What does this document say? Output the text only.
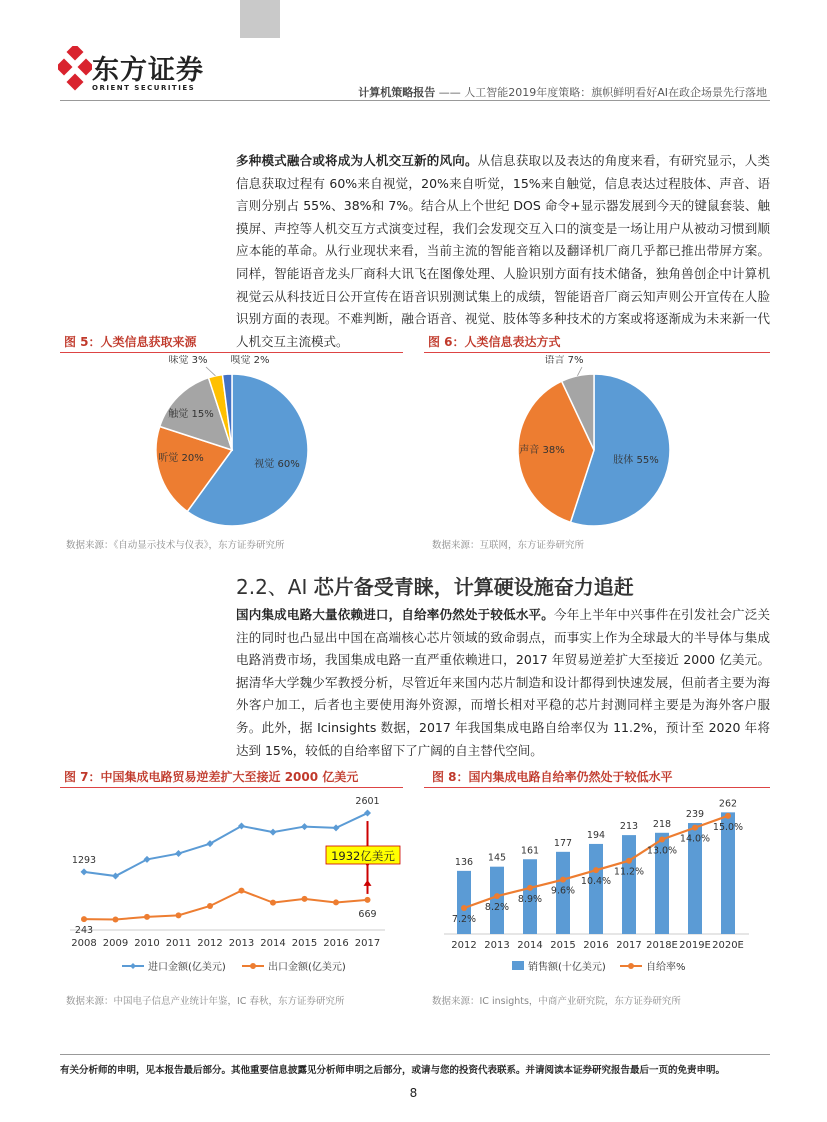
东方证券
ORIENT SECURITIES	计算机策略报告 —— 人工智能2019年度策略：旗帜鲜明看好AI在政企场景先行落地
多种模式融合或将成为人机交互新的风向。从信息获取以及表达的角度来看，有研究显示，人类信息获取过程有 60%来自视觉，20%来自听觉，15%来自触觉，信息表达过程肢体、声音、语言则分别占 55%、38%和 7%。结合从上个世纪 DOS 命令+显示器发展到今天的键鼠套装、触摸屏、声控等人机交互方式演变过程，我们会发现交互入口的演变是一场让用户从被动习惯到顺应本能的革命。从行业现状来看，当前主流的智能音箱以及翻译机厂商几乎都已推出带屏方案。同样，智能语音龙头厂商科大讯飞在图像处理、人脸识别方面有技术储备，独角兽创企中计算机视觉云从科技近日公开宣传在语音识别测试集上的成绩，智能语音厂商云知声则公开宣传在人脸识别方面的表现。不难判断，融合语音、视觉、肢体等多种技术的方案或将逐渐成为未来新一代人机交互主流模式。
图 5：人类信息获取来源
视觉 60%
听觉 20%
触觉 15%
味觉 3% 嗅觉 2%
数据来源：《自动显示技术与仪表》，东方证券研究所
图 6：人类信息表达方式
肢体 55%
声音 38%
语言 7%
数据来源：互联网，东方证券研究所
2.2、AI 芯片备受青睐，计算硬设施奋力追赶
国内集成电路大量依赖进口，自给率仍然处于较低水平。今年上半年中兴事件在引发社会广泛关注的同时也凸显出中国在高端核心芯片领域的致命弱点，而事实上作为全球最大的半导体与集成电路消费市场，我国集成电路一直严重依赖进口，2017 年贸易逆差扩大至接近 2000 亿美元。据清华大学魏少军教授分析，尽管近年来国内芯片制造和设计都得到快速发展，但前者主要为海外客户加工，后者也主要使用海外资源，而增长相对平稳的芯片封测同样主要是为海外客户服务。此外，据 Icinsights 数据，2017 年我国集成电路自给率仅为 11.2%，预计至 2020 年将达到 15%，较低的自给率留下了广阔的自主替代空间。
图 7：中国集成电路贸易逆差扩大至接近 2000 亿美元
2008 2009 2010 2011 2012 2013 2014 2015 2016 2017
1293
2601
243
669
1932亿美元
进口金额(亿美元)	出口金额(亿美元)
数据来源：中国电子信息产业统计年鉴，IC 春秋，东方证券研究所
图 8：国内集成电路自给率仍然处于较低水平
136
2012
145
2013
161
2014
177
2015
194
2016
213
2017
218
2018E
239
2019E
262
2020E
7.2%
8.2%
8.9%
9.6%
10.4%
11.2%
13.0%
14.0%
15.0%
销售额(十亿美元)	自给率%
数据来源：IC insights，中商产业研究院，东方证券研究所
有关分析师的申明，见本报告最后部分。其他重要信息披露见分析师申明之后部分，或请与您的投资代表联系。并请阅读本证券研究报告最后一页的免责申明。
8
